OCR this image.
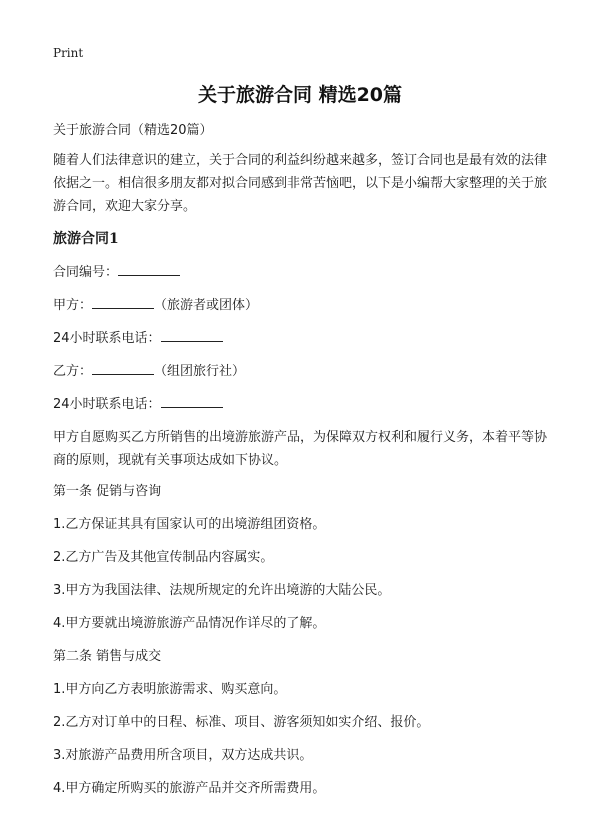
Print
关于旅游合同 精选20篇

关于旅游合同（精选20篇）

随着人们法律意识的建立，关于合同的利益纠纷越来越多，签订合同也是最有效的法律依据之一。相信很多朋友都对拟合同感到非常苦恼吧，以下是小编帮大家整理的关于旅游合同，欢迎大家分享。

旅游合同1

合同编号：

甲方：	（旅游者或团体）

24小时联系电话：

乙方：	（组团旅行社）

24小时联系电话：

甲方自愿购买乙方所销售的出境游旅游产品，为保障双方权利和履行义务，本着平等协商的原则，现就有关事项达成如下协议。

第一条 促销与咨询

1.乙方保证其具有国家认可的出境游组团资格。

2.乙方广告及其他宣传制品内容属实。

3.甲方为我国法律、法规所规定的允许出境游的大陆公民。

4.甲方要就出境游旅游产品情况作详尽的了解。

第二条 销售与成交

1.甲方向乙方表明旅游需求、购买意向。

2.乙方对订单中的日程、标准、项目、游客须知如实介绍、报价。

3.对旅游产品费用所含项目，双方达成共识。

4.甲方确定所购买的旅游产品并交齐所需费用。
